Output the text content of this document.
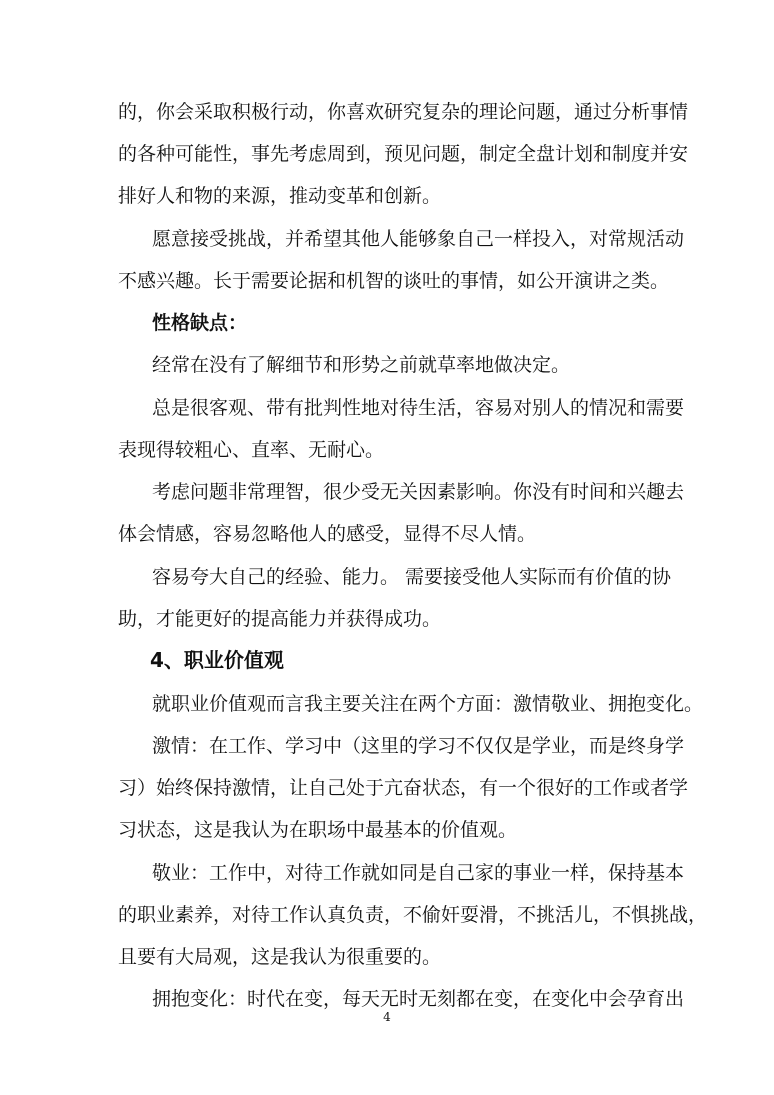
的，你会采取积极行动，你喜欢研究复杂的理论问题，通过分析事情
的各种可能性，事先考虑周到，预见问题，制定全盘计划和制度并安
排好人和物的来源，推动变革和创新。
愿意接受挑战，并希望其他人能够象自己一样投入，对常规活动
不感兴趣。长于需要论据和机智的谈吐的事情，如公开演讲之类。
性格缺点：
经常在没有了解细节和形势之前就草率地做决定。
总是很客观、带有批判性地对待生活，容易对别人的情况和需要
表现得较粗心、直率、无耐心。
考虑问题非常理智，很少受无关因素影响。你没有时间和兴趣去
体会情感，容易忽略他人的感受，显得不尽人情。
容易夸大自己的经验、能力。 需要接受他人实际而有价值的协
助，才能更好的提高能力并获得成功。
4、职业价值观
就职业价值观而言我主要关注在两个方面：激情敬业、拥抱变化。
激情：在工作、学习中（这里的学习不仅仅是学业，而是终身学
习）始终保持激情，让自己处于亢奋状态，有一个很好的工作或者学
习状态，这是我认为在职场中最基本的价值观。
敬业：工作中，对待工作就如同是自己家的事业一样，保持基本
的职业素养，对待工作认真负责，不偷奸耍滑，不挑活儿，不惧挑战，
且要有大局观，这是我认为很重要的。
拥抱变化：时代在变，每天无时无刻都在变，在变化中会孕育出
4
